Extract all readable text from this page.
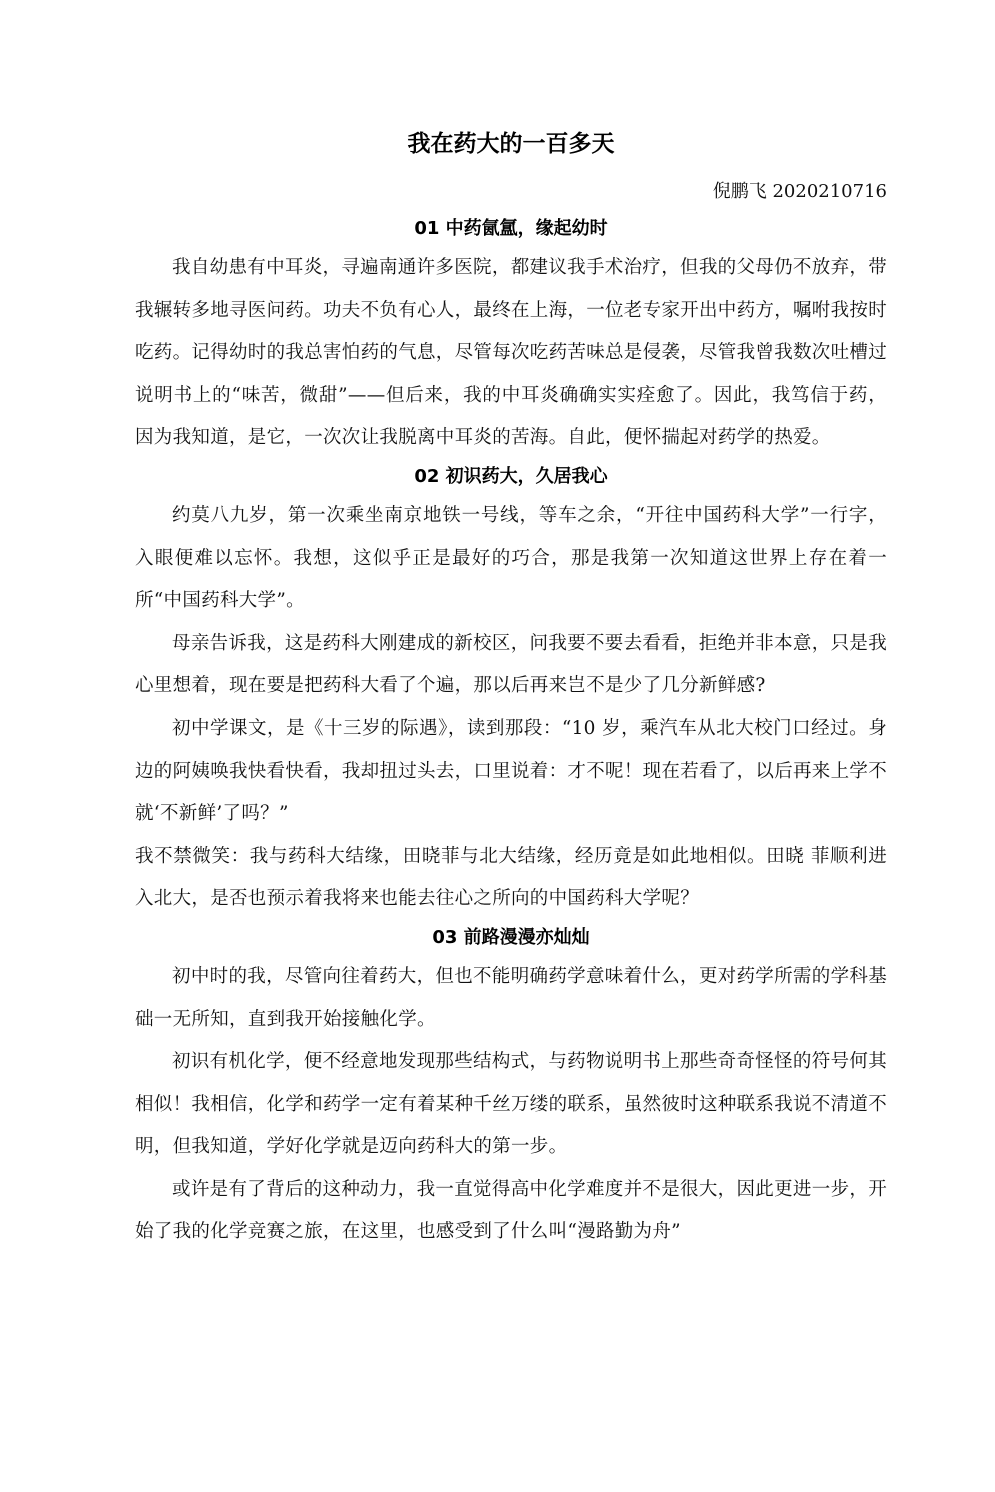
我在药大的一百多天
倪鹏飞 2020210716
01 中药氤氲，缘起幼时

我自幼患有中耳炎，寻遍南通许多医院，都建议我手术治疗，但我的父母仍不放弃，带我辗转多地寻医问药。功夫不负有心人，最终在上海，一位老专家开出中药方，嘱咐我按时吃药。记得幼时的我总害怕药的气息，尽管每次吃药苦味总是侵袭，尽管我曾我数次吐槽过说明书上的“味苦，微甜”——但后来，我的中耳炎确确实实痊愈了。因此，我笃信于药，因为我知道，是它，一次次让我脱离中耳炎的苦海。自此，便怀揣起对药学的热爱。

02 初识药大，久居我心

约莫八九岁，第一次乘坐南京地铁一号线，等车之余，“开往中国药科大学”一行字，入眼便难以忘怀。我想，这似乎正是最好的巧合，那是我第一次知道这世界上存在着一所“中国药科大学”。

母亲告诉我，这是药科大刚建成的新校区，问我要不要去看看，拒绝并非本意，只是我心里想着，现在要是把药科大看了个遍，那以后再来岂不是少了几分新鲜感?

初中学课文，是《十三岁的际遇》，读到那段：“10 岁，乘汽车从北大校门口经过。身边的阿姨唤我快看快看，我却扭过头去，口里说着：才不呢！现在若看了，以后再来上学不就‘不新鲜’了吗？”

我不禁微笑：我与药科大结缘，田晓菲与北大结缘，经历竟是如此地相似。田晓 菲顺利进入北大，是否也预示着我将来也能去往心之所向的中国药科大学呢？

03 前路漫漫亦灿灿

初中时的我，尽管向往着药大，但也不能明确药学意味着什么，更对药学所需的学科基础一无所知，直到我开始接触化学。

初识有机化学，便不经意地发现那些结构式，与药物说明书上那些奇奇怪怪的符号何其相似！我相信，化学和药学一定有着某种千丝万缕的联系，虽然彼时这种联系我说不清道不明，但我知道，学好化学就是迈向药科大的第一步。

或许是有了背后的这种动力，我一直觉得高中化学难度并不是很大，因此更进一步，开始了我的化学竞赛之旅，在这里，也感受到了什么叫“漫路勤为舟”
